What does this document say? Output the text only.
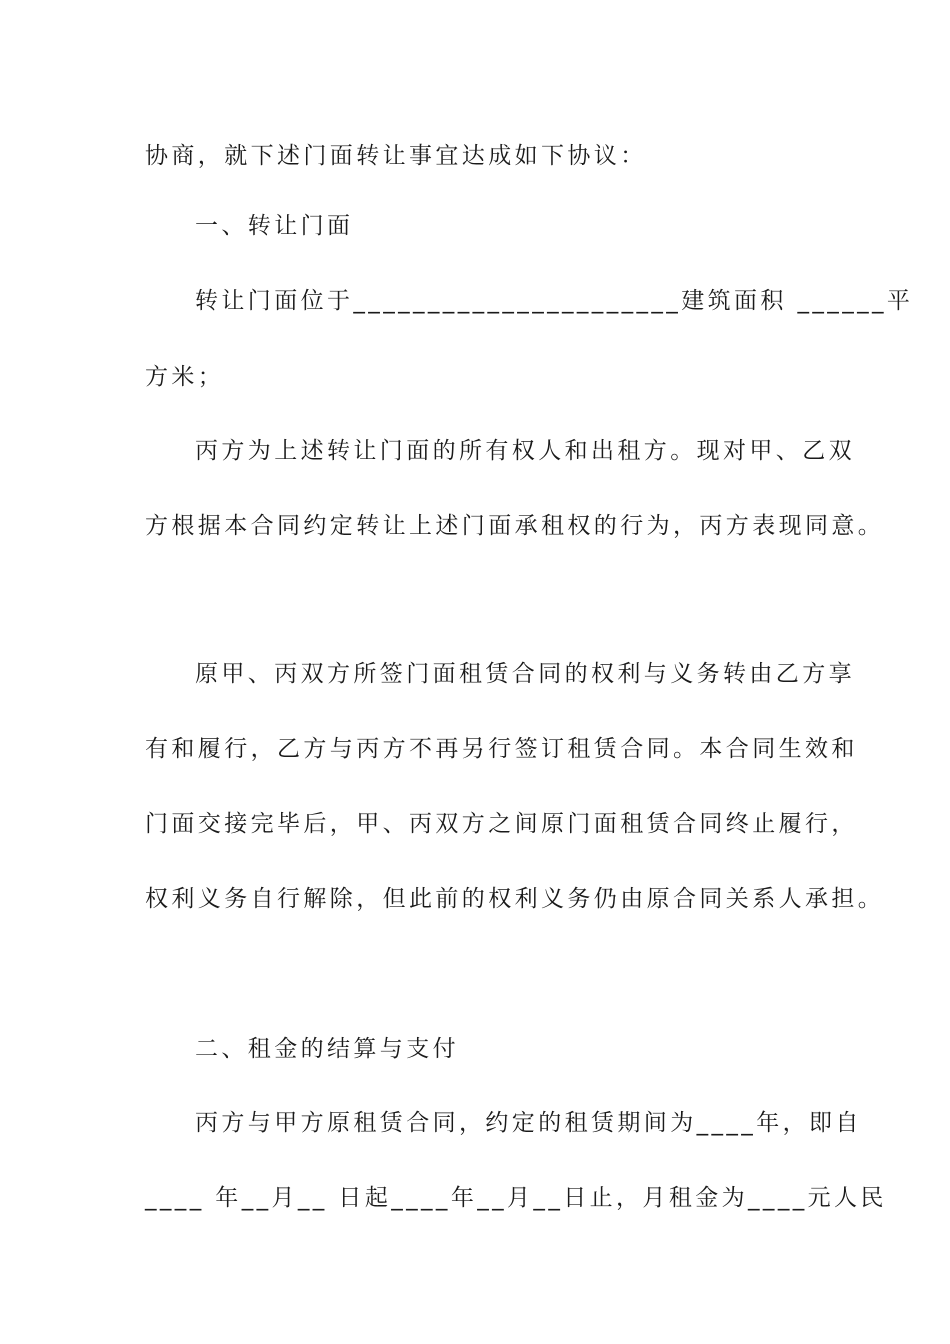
协商，就下述门面转让事宜达成如下协议：
一、转让门面
转让门面位于______________________建筑面积 ______平
方米；
丙方为上述转让门面的所有权人和出租方。现对甲、乙双
方根据本合同约定转让上述门面承租权的行为，丙方表现同意。
原甲、丙双方所签门面租赁合同的权利与义务转由乙方享
有和履行，乙方与丙方不再另行签订租赁合同。本合同生效和
门面交接完毕后，甲、丙双方之间原门面租赁合同终止履行，
权利义务自行解除，但此前的权利义务仍由原合同关系人承担。
二、租金的结算与支付
丙方与甲方原租赁合同，约定的租赁期间为____年，即自
____ 年__月__ 日起____年__月__日止，月租金为____元人民
